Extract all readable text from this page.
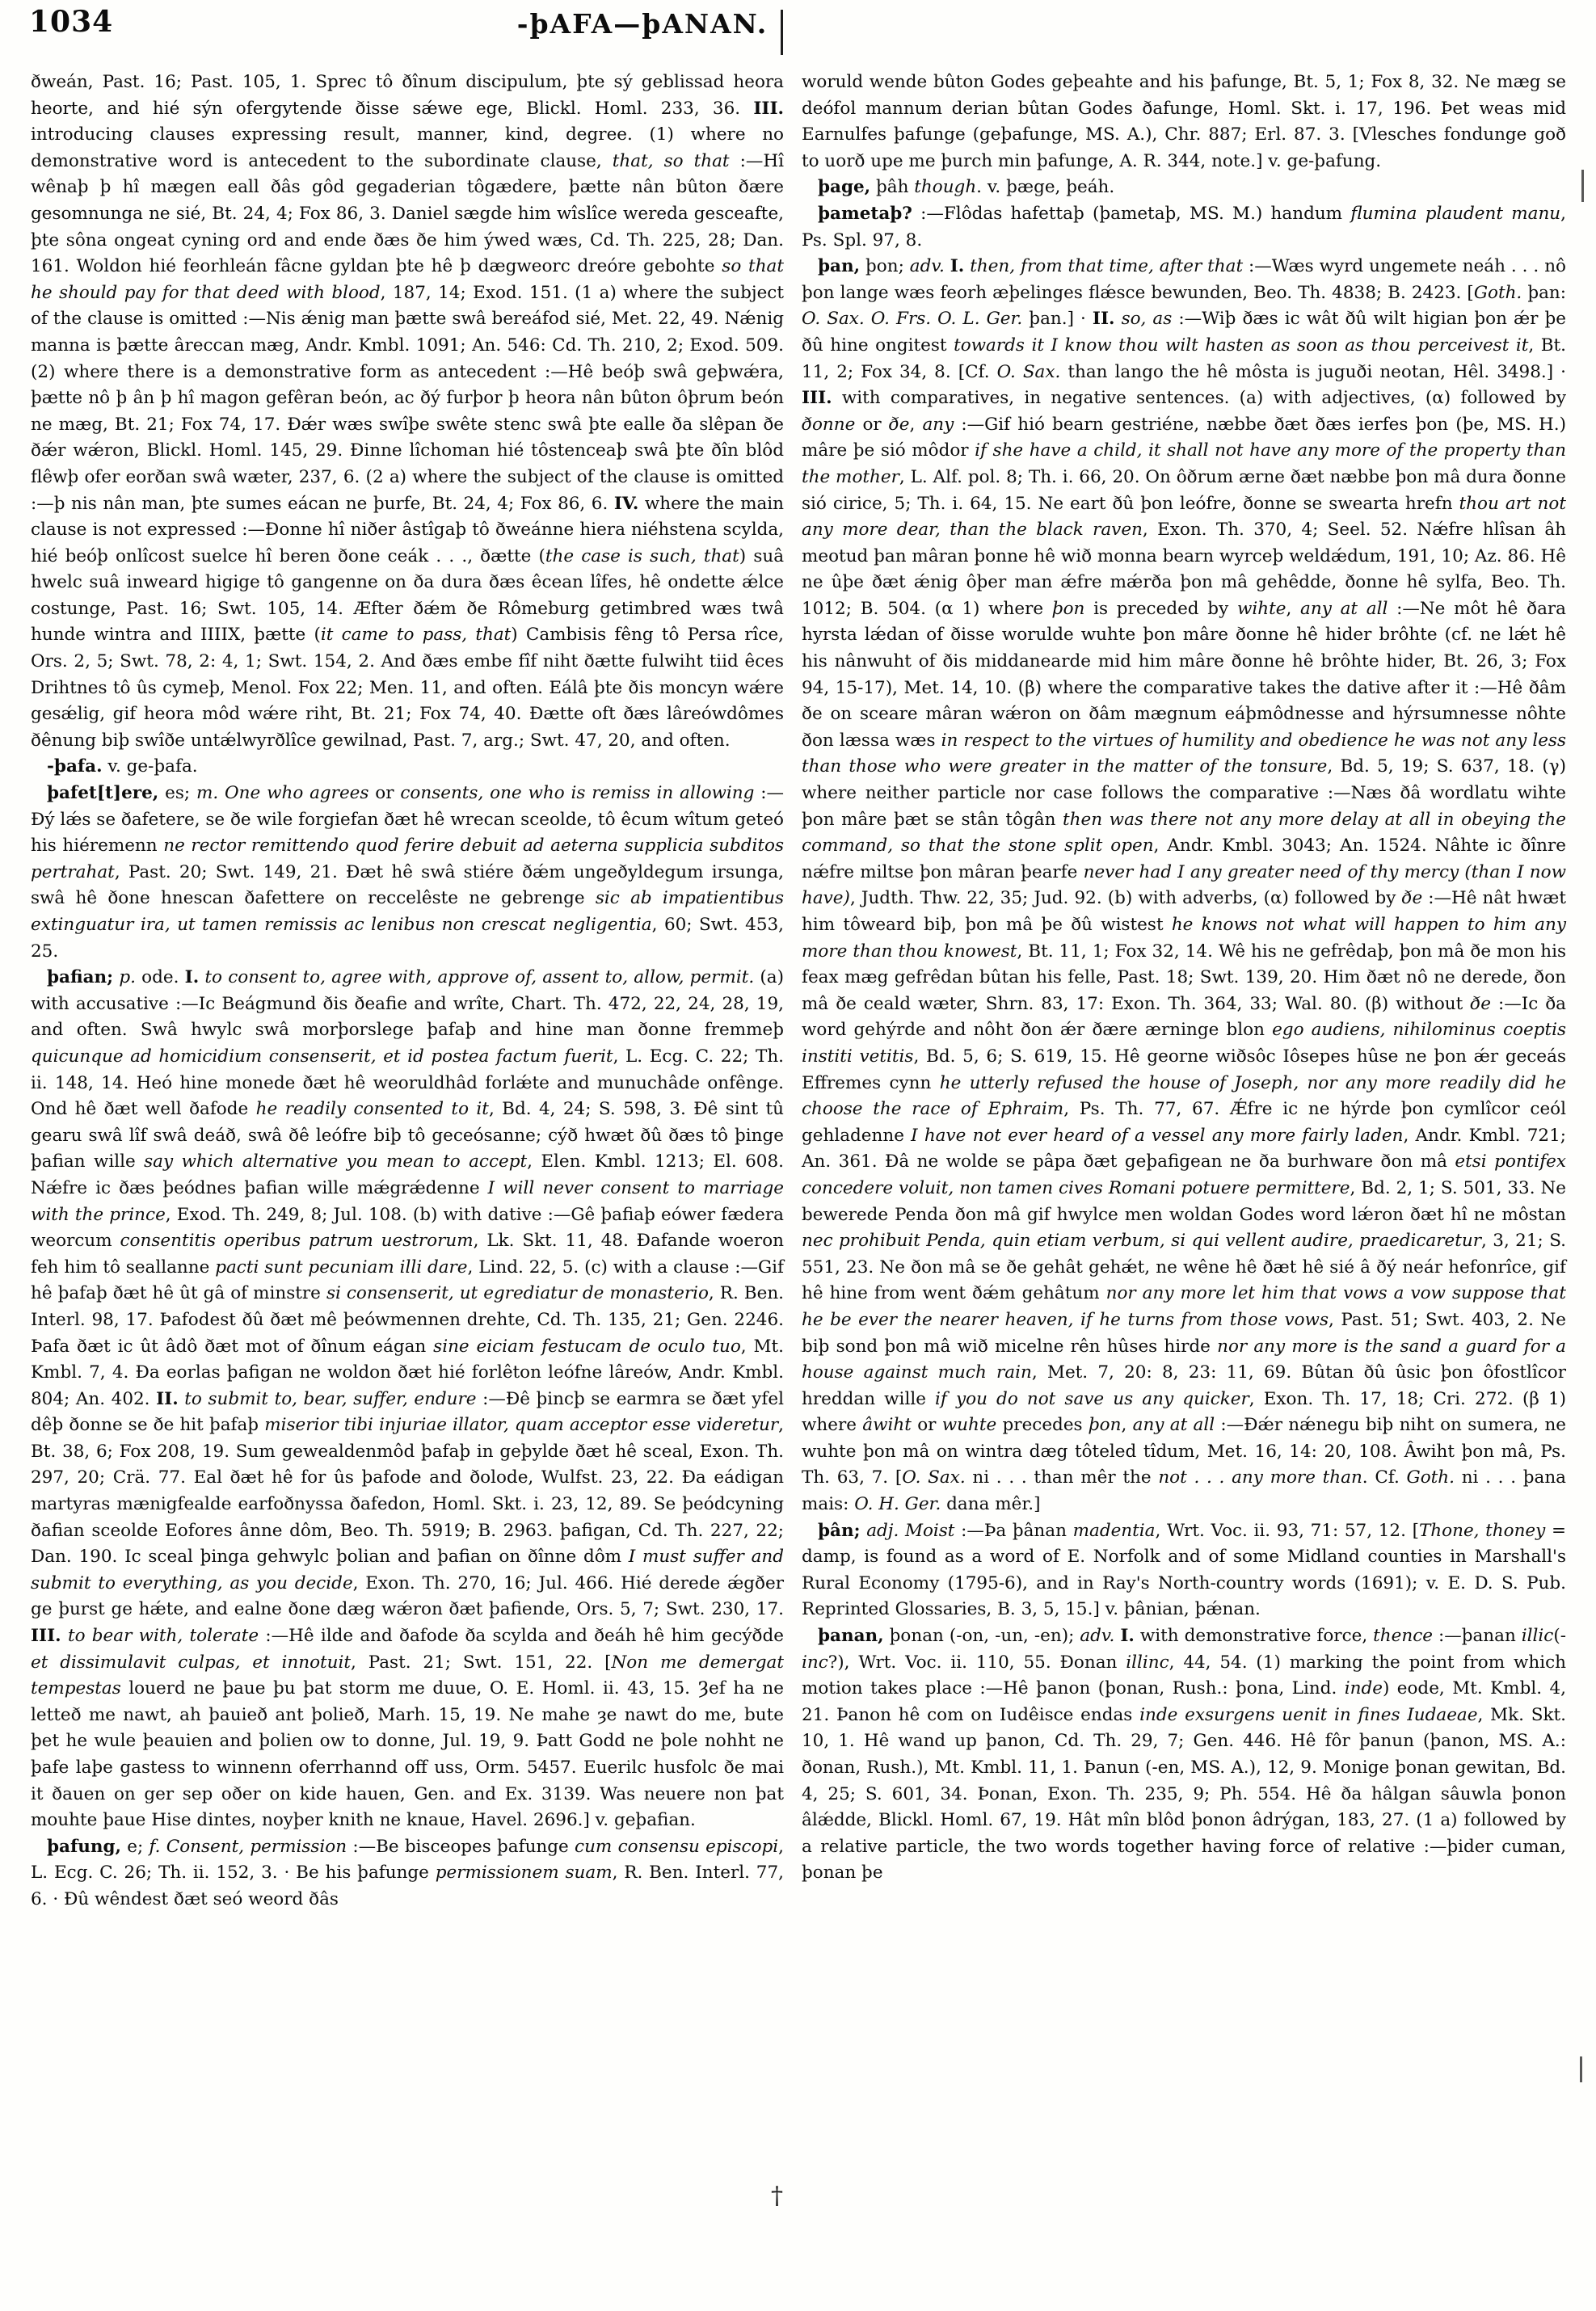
1034	-þAFA—þANAN.

ðweán, Past. 16; Past. 105, 1. Sprec tô ðînum discipulum, þte sý geblissad heora heorte, and hié sýn ofergytende ðisse sǽwe ege, Blickl. Homl. 233, 36. III. introducing clauses expressing result, manner, kind, degree. (1) where no demonstrative word is antecedent to the subordinate clause, that, so that :—Hî wênaþ þ hî mægen eall ðâs gôd gegaderian tôgædere, þætte nân bûton ðære gesomnunga ne sié, Bt. 24, 4; Fox 86, 3. Daniel sægde him wîslîce wereda gesceafte, þte sôna ongeat cyning ord and ende ðæs ðe him ýwed wæs, Cd. Th. 225, 28; Dan. 161. Woldon hié feorhleán fâcne gyldan þte hê þ dægweorc dreóre gebohte so that he should pay for that deed with blood, 187, 14; Exod. 151. (1 a) where the subject of the clause is omitted :—Nis ǽnig man þætte swâ bereáfod sié, Met. 22, 49. Nǽnig manna is þætte âreccan mæg, Andr. Kmbl. 1091; An. 546: Cd. Th. 210, 2; Exod. 509. (2) where there is a demonstrative form as antecedent :—Hê beóþ swâ geþwǽra, þætte nô þ ân þ hî magon gefêran beón, ac ðý furþor þ heora nân bûton ôþrum beón ne mæg, Bt. 21; Fox 74, 17. Ðǽr wæs swîþe swête stenc swâ þte ealle ða slêpan ðe ðǽr wǽron, Blickl. Homl. 145, 29. Ðinne lîchoman hié tôstenceaþ swâ þte ðîn blôd flêwþ ofer eorðan swâ wæter, 237, 6. (2 a) where the subject of the clause is omitted :—þ nis nân man, þte sumes eácan ne þurfe, Bt. 24, 4; Fox 86, 6. IV. where the main clause is not expressed :—Ðonne hî niðer âstîgaþ tô ðweánne hiera niéhstena scylda, hié beóþ onlîcost suelce hî beren ðone ceák . . ., ðætte (the case is such, that) suâ hwelc suâ inweard higige tô gangenne on ða dura ðæs êcean lîfes, hê ondette ǽlce costunge, Past. 16; Swt. 105, 14. Æfter ðǽm ðe Rômeburg getimbred wæs twâ hunde wintra and IIIIX, þætte (it came to pass, that) Cambisis fêng tô Persa rîce, Ors. 2, 5; Swt. 78, 2: 4, 1; Swt. 154, 2. And ðæs embe fîf niht ðætte fulwiht tiid êces Drihtnes tô ûs cymeþ, Menol. Fox 22; Men. 11, and often. Eálâ þte ðis moncyn wǽre gesǽlig, gif heora môd wǽre riht, Bt. 21; Fox 74, 40. Ðætte oft ðæs lâreówdômes ðênung biþ swîðe untǽlwyrðlîce gewilnad, Past. 7, arg.; Swt. 47, 20, and often.

-þafa. v. ge-þafa.

þafet[t]ere, es; m. One who agrees or consents, one who is remiss in allowing :—Ðý lǽs se ðafetere, se ðe wile forgiefan ðæt hê wrecan sceolde, tô êcum wîtum geteó his hiéremenn ne rector remittendo quod ferire debuit ad aeterna supplicia subditos pertrahat, Past. 20; Swt. 149, 21. Ðæt hê swâ stiére ðǽm ungeðyldegum irsunga, swâ hê ðone hnescan ðafettere on reccelêste ne gebrenge sic ab impatientibus extinguatur ira, ut tamen remissis ac lenibus non crescat negligentia, 60; Swt. 453, 25.

þafian; p. ode. I. to consent to, agree with, approve of, assent to, allow, permit. (a) with accusative :—Ic Beágmund ðis ðeafie and wrîte, Chart. Th. 472, 22, 24, 28, 19, and often. Swâ hwylc swâ morþorslege þafaþ and hine man ðonne fremmeþ quicunque ad homicidium consenserit, et id postea factum fuerit, L. Ecg. C. 22; Th. ii. 148, 14. Heó hine monede ðæt hê weoruldhâd forlǽte and munuchâde onfênge. Ond hê ðæt well ðafode he readily consented to it, Bd. 4, 24; S. 598, 3. Ðê sint tû gearu swâ lîf swâ deáð, swâ ðê leófre biþ tô geceósanne; cýð hwæt ðû ðæs tô þinge þafian wille say which alternative you mean to accept, Elen. Kmbl. 1213; El. 608. Nǽfre ic ðæs þeódnes þafian wille mǽgrǽdenne I will never consent to marriage with the prince, Exod. Th. 249, 8; Jul. 108. (b) with dative :—Gê þafiaþ eówer fædera weorcum consentitis operibus patrum uestrorum, Lk. Skt. 11, 48. Ðafande woeron feh him tô seallanne pacti sunt pecuniam illi dare, Lind. 22, 5. (c) with a clause :—Gif hê þafaþ ðæt hê ût gâ of minstre si consenserit, ut egrediatur de monasterio, R. Ben. Interl. 98, 17. Þafodest ðû ðæt mê þeówmennen drehte, Cd. Th. 135, 21; Gen. 2246. Þafa ðæt ic ût âdô ðæt mot of ðînum eágan sine eiciam festucam de oculo tuo, Mt. Kmbl. 7, 4. Ða eorlas þafigan ne woldon ðæt hié forlêton leófne lâreów, Andr. Kmbl. 804; An. 402. II. to submit to, bear, suffer, endure :—Ðê þincþ se earmra se ðæt yfel dêþ ðonne se ðe hit þafaþ miserior tibi injuriae illator, quam acceptor esse videretur, Bt. 38, 6; Fox 208, 19. Sum gewealdenmôd þafaþ in geþylde ðæt hê sceal, Exon. Th. 297, 20; Crä. 77. Eal ðæt hê for ûs þafode and ðolode, Wulfst. 23, 22. Ða eádigan martyras mænigfealde earfoðnyssa ðafedon, Homl. Skt. i. 23, 12, 89. Se þeódcyning ðafian sceolde Eofores ânne dôm, Beo. Th. 5919; B. 2963. þafigan, Cd. Th. 227, 22; Dan. 190. Ic sceal þinga gehwylc þolian and þafian on ðînne dôm I must suffer and submit to everything, as you decide, Exon. Th. 270, 16; Jul. 466. Hié derede ǽgðer ge þurst ge hǽte, and ealne ðone dæg wǽron ðæt þafiende, Ors. 5, 7; Swt. 230, 17. III. to bear with, tolerate :—Hê ilde and ðafode ða scylda and ðeáh hê him gecýðde et dissimulavit culpas, et innotuit, Past. 21; Swt. 151, 22. [Non me demergat tempestas louerd ne þaue þu þat storm me duue, O. E. Homl. ii. 43, 15. Ȝef ha ne letteð me nawt, ah þauieð ant þolieð, Marh. 15, 19. Ne mahe ȝe nawt do me, bute þet he wule þeauien and þolien ow to donne, Jul. 19, 9. Þatt Godd ne þole nohht ne þafe laþe gastess to winnenn oferrhannd off uss, Orm. 5457. Euerilc husfolc ðe mai it ðauen on ger sep oðer on kide hauen, Gen. and Ex. 3139. Was neuere non þat mouhte þaue Hise dintes, noyþer knith ne knaue, Havel. 2696.] v. geþafian.

þafung, e; f. Consent, permission :—Be bisceopes þafunge cum consensu episcopi, L. Ecg. C. 26; Th. ii. 152, 3. · Be his þafunge permissionem suam, R. Ben. Interl. 77, 6. · Ðû wêndest ðæt seó weord ðâs

woruld wende bûton Godes geþeahte and his þafunge, Bt. 5, 1; Fox 8, 32. Ne mæg se deófol mannum derian bûtan Godes ðafunge, Homl. Skt. i. 17, 196. Þet weas mid Earnulfes þafunge (geþafunge, MS. A.), Chr. 887; Erl. 87. 3. [Vlesches fondunge goð to uorð upe me þurch min þafunge, A. R. 344, note.] v. ge-þafung.

þage, þâh though. v. þæge, þeáh.

þametaþ? :—Flôdas hafettaþ (þametaþ, MS. M.) handum flumina plaudent manu, Ps. Spl. 97, 8.

þan, þon; adv. I. then, from that time, after that :—Wæs wyrd ungemete neáh . . . nô þon lange wæs feorh æþelinges flǽsce bewunden, Beo. Th. 4838; B. 2423. [Goth. þan: O. Sax. O. Frs. O. L. Ger. þan.] · II. so, as :—Wiþ ðæs ic wât ðû wilt higian þon ǽr þe ðû hine ongitest towards it I know thou wilt hasten as soon as thou perceivest it, Bt. 11, 2; Fox 34, 8. [Cf. O. Sax. than lango the hê môsta is juguði neotan, Hêl. 3498.] · III. with comparatives, in negative sentences. (a) with adjectives, (α) followed by ðonne or ðe, any :—Gif hió bearn gestriéne, næbbe ðæt ðæs ierfes þon (þe, MS. H.) mâre þe sió môdor if she have a child, it shall not have any more of the property than the mother, L. Alf. pol. 8; Th. i. 66, 20. On ôðrum ærne ðæt næbbe þon mâ dura ðonne sió cirice, 5; Th. i. 64, 15. Ne eart ðû þon leófre, ðonne se swearta hrefn thou art not any more dear, than the black raven, Exon. Th. 370, 4; Seel. 52. Nǽfre hlîsan âh meotud þan mâran þonne hê wið monna bearn wyrceþ weldǽdum, 191, 10; Az. 86. Hê ne ûþe ðæt ǽnig ôþer man ǽfre mǽrða þon mâ gehêdde, ðonne hê sylfa, Beo. Th. 1012; B. 504. (α 1) where þon is preceded by wihte, any at all :—Ne môt hê ðara hyrsta lǽdan of ðisse worulde wuhte þon mâre ðonne hê hider brôhte (cf. ne lǽt hê his nânwuht of ðis middanearde mid him mâre ðonne hê brôhte hider, Bt. 26, 3; Fox 94, 15-17), Met. 14, 10. (β) where the comparative takes the dative after it :—Hê ðâm ðe on sceare mâran wǽron on ðâm mægnum eáþmôdnesse and hýrsumnesse nôhte ðon læssa wæs in respect to the virtues of humility and obedience he was not any less than those who were greater in the matter of the tonsure, Bd. 5, 19; S. 637, 18. (γ) where neither particle nor case follows the comparative :—Næs ðâ wordlatu wihte þon mâre þæt se stân tôgân then was there not any more delay at all in obeying the command, so that the stone split open, Andr. Kmbl. 3043; An. 1524. Nâhte ic ðînre nǽfre miltse þon mâran þearfe never had I any greater need of thy mercy (than I now have), Judth. Thw. 22, 35; Jud. 92. (b) with adverbs, (α) followed by ðe :—Hê nât hwæt him tôweard biþ, þon mâ þe ðû wistest he knows not what will happen to him any more than thou knowest, Bt. 11, 1; Fox 32, 14. Wê his ne gefrêdaþ, þon mâ ðe mon his feax mæg gefrêdan bûtan his felle, Past. 18; Swt. 139, 20. Him ðæt nô ne derede, ðon mâ ðe ceald wæter, Shrn. 83, 17: Exon. Th. 364, 33; Wal. 80. (β) without ðe :—Ic ða word gehýrde and nôht ðon ǽr ðære ærninge blon ego audiens, nihilominus coeptis institi vetitis, Bd. 5, 6; S. 619, 15. Hê georne wiðsôc Iôsepes hûse ne þon ǽr geceás Effremes cynn he utterly refused the house of Joseph, nor any more readily did he choose the race of Ephraim, Ps. Th. 77, 67. Ǽfre ic ne hýrde þon cymlîcor ceól gehladenne I have not ever heard of a vessel any more fairly laden, Andr. Kmbl. 721; An. 361. Ðâ ne wolde se pâpa ðæt geþafigean ne ða burhware ðon mâ etsi pontifex concedere voluit, non tamen cives Romani potuere permittere, Bd. 2, 1; S. 501, 33. Ne bewerede Penda ðon mâ gif hwylce men woldan Godes word lǽron ðæt hî ne môstan nec prohibuit Penda, quin etiam verbum, si qui vellent audire, praedicaretur, 3, 21; S. 551, 23. Ne ðon mâ se ðe gehât gehǽt, ne wêne hê ðæt hê sié â ðý neár hefonrîce, gif hê hine from went ðǽm gehâtum nor any more let him that vows a vow suppose that he be ever the nearer heaven, if he turns from those vows, Past. 51; Swt. 403, 2. Ne biþ sond þon mâ wið micelne rên hûses hirde nor any more is the sand a guard for a house against much rain, Met. 7, 20: 8, 23: 11, 69. Bûtan ðû ûsic þon ôfostlîcor hreddan wille if you do not save us any quicker, Exon. Th. 17, 18; Cri. 272. (β 1) where âwiht or wuhte precedes þon, any at all :—Ðǽr nǽnegu biþ niht on sumera, ne wuhte þon mâ on wintra dæg tôteled tîdum, Met. 16, 14: 20, 108. Âwiht þon mâ, Ps. Th. 63, 7. [O. Sax. ni . . . than mêr the not . . . any more than. Cf. Goth. ni . . . þana mais: O. H. Ger. dana mêr.]

þân; adj. Moist :—Þa þânan madentia, Wrt. Voc. ii. 93, 71: 57, 12. [Thone, thoney = damp, is found as a word of E. Norfolk and of some Midland counties in Marshall's Rural Economy (1795-6), and in Ray's North-country words (1691); v. E. D. S. Pub. Reprinted Glossaries, B. 3, 5, 15.] v. þânian, þǽnan.

þanan, þonan (-on, -un, -en); adv. I. with demonstrative force, thence :—þanan illic(-inc?), Wrt. Voc. ii. 110, 55. Ðonan illinc, 44, 54. (1) marking the point from which motion takes place :—Hê þanon (þonan, Rush.: þona, Lind. inde) eode, Mt. Kmbl. 4, 21. Þanon hê com on Iudêisce endas inde exsurgens uenit in fines Iudaeae, Mk. Skt. 10, 1. Hê wand up þanon, Cd. Th. 29, 7; Gen. 446. Hê fôr þanun (þanon, MS. A.: ðonan, Rush.), Mt. Kmbl. 11, 1. Þanun (-en, MS. A.), 12, 9. Monige þonan gewitan, Bd. 4, 25; S. 601, 34. Þonan, Exon. Th. 235, 9; Ph. 554. Hê ða hâlgan sâuwla þonon âlǽdde, Blickl. Homl. 67, 19. Hât mîn blôd þonon âdrýgan, 183, 27. (1 a) followed by a relative particle, the two words together having force of relative :—þider cuman, þonan þe

†
